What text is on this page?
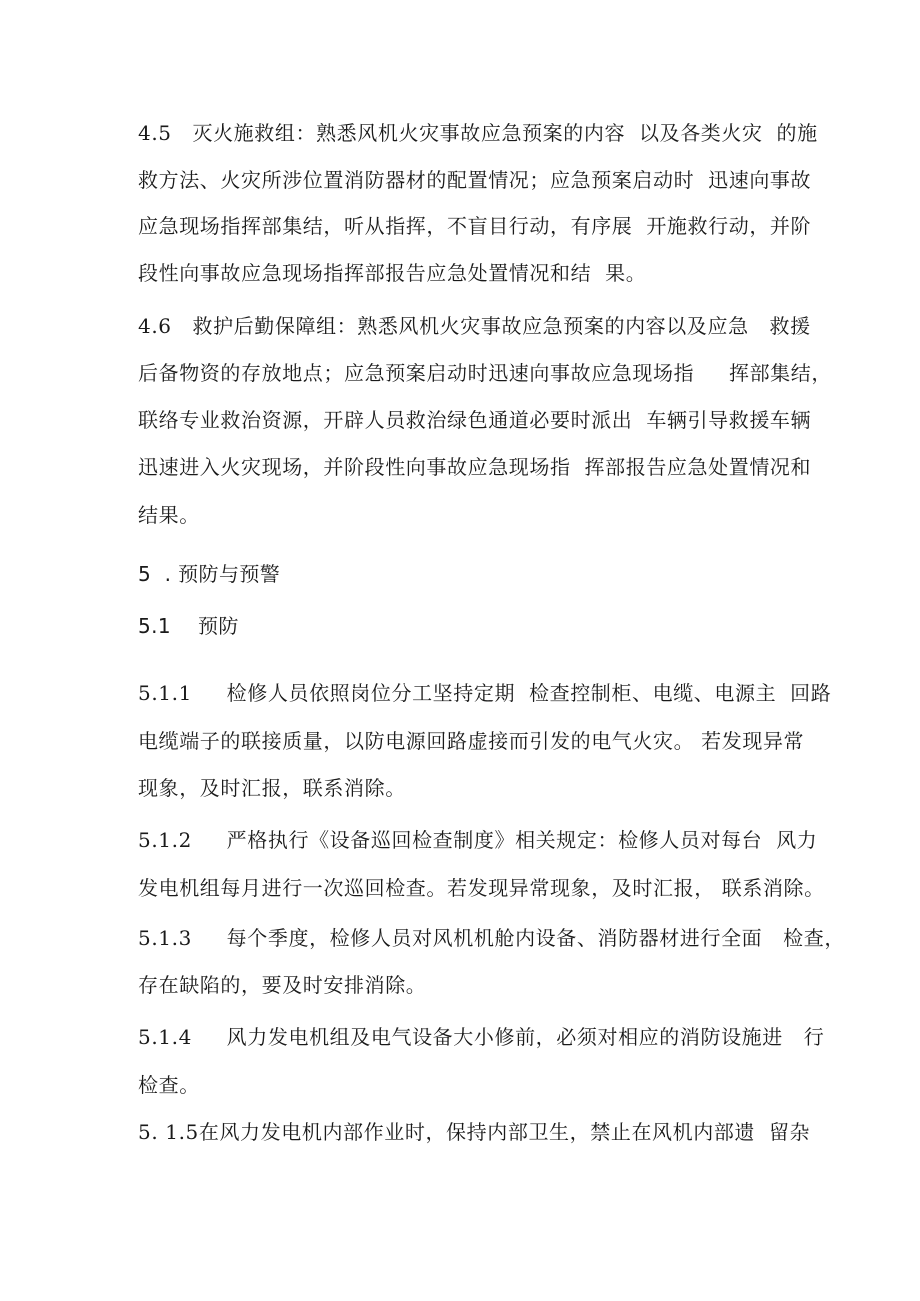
4.5   灭火施救组：熟悉风机火灾事故应急预案的内容  以及各类火灾  的施

救方法、火灾所涉位置消防器材的配置情况；应急预案启动时  迅速向事故

应急现场指挥部集结，听从指挥，不盲目行动，有序展  开施救行动，并阶

段性向事故应急现场指挥部报告应急处置情况和结  果。

4.6   救护后勤保障组：熟悉风机火灾事故应急预案的内容以及应急   救援

后备物资的存放地点；应急预案启动时迅速向事故应急现场指     挥部集结，

联络专业救治资源，开辟人员救治绿色通道必要时派出  车辆引导救援车辆

迅速进入火灾现场，并阶段性向事故应急现场指  挥部报告应急处置情况和

结果。

5  . 预防与预警

5.1    预防

5.1.1     检修人员依照岗位分工坚持定期  检查控制柜、电缆、电源主  回路

电缆端子的联接质量，以防电源回路虚接而引发的电气火灾。 若发现异常

现象，及时汇报，联系消除。

5.1.2     严格执行《设备巡回检查制度》相关规定：检修人员对每台  风力

发电机组每月进行一次巡回检查。若发现异常现象，及时汇报， 联系消除。

5.1.3     每个季度，检修人员对风机机舱内设备、消防器材进行全面   检查，

存在缺陷的，要及时安排消除。

5.1.4     风力发电机组及电气设备大小修前，必须对相应的消防设施进   行

检查。

5. 1.5在风力发电机内部作业时，保持内部卫生，禁止在风机内部遗  留杂
